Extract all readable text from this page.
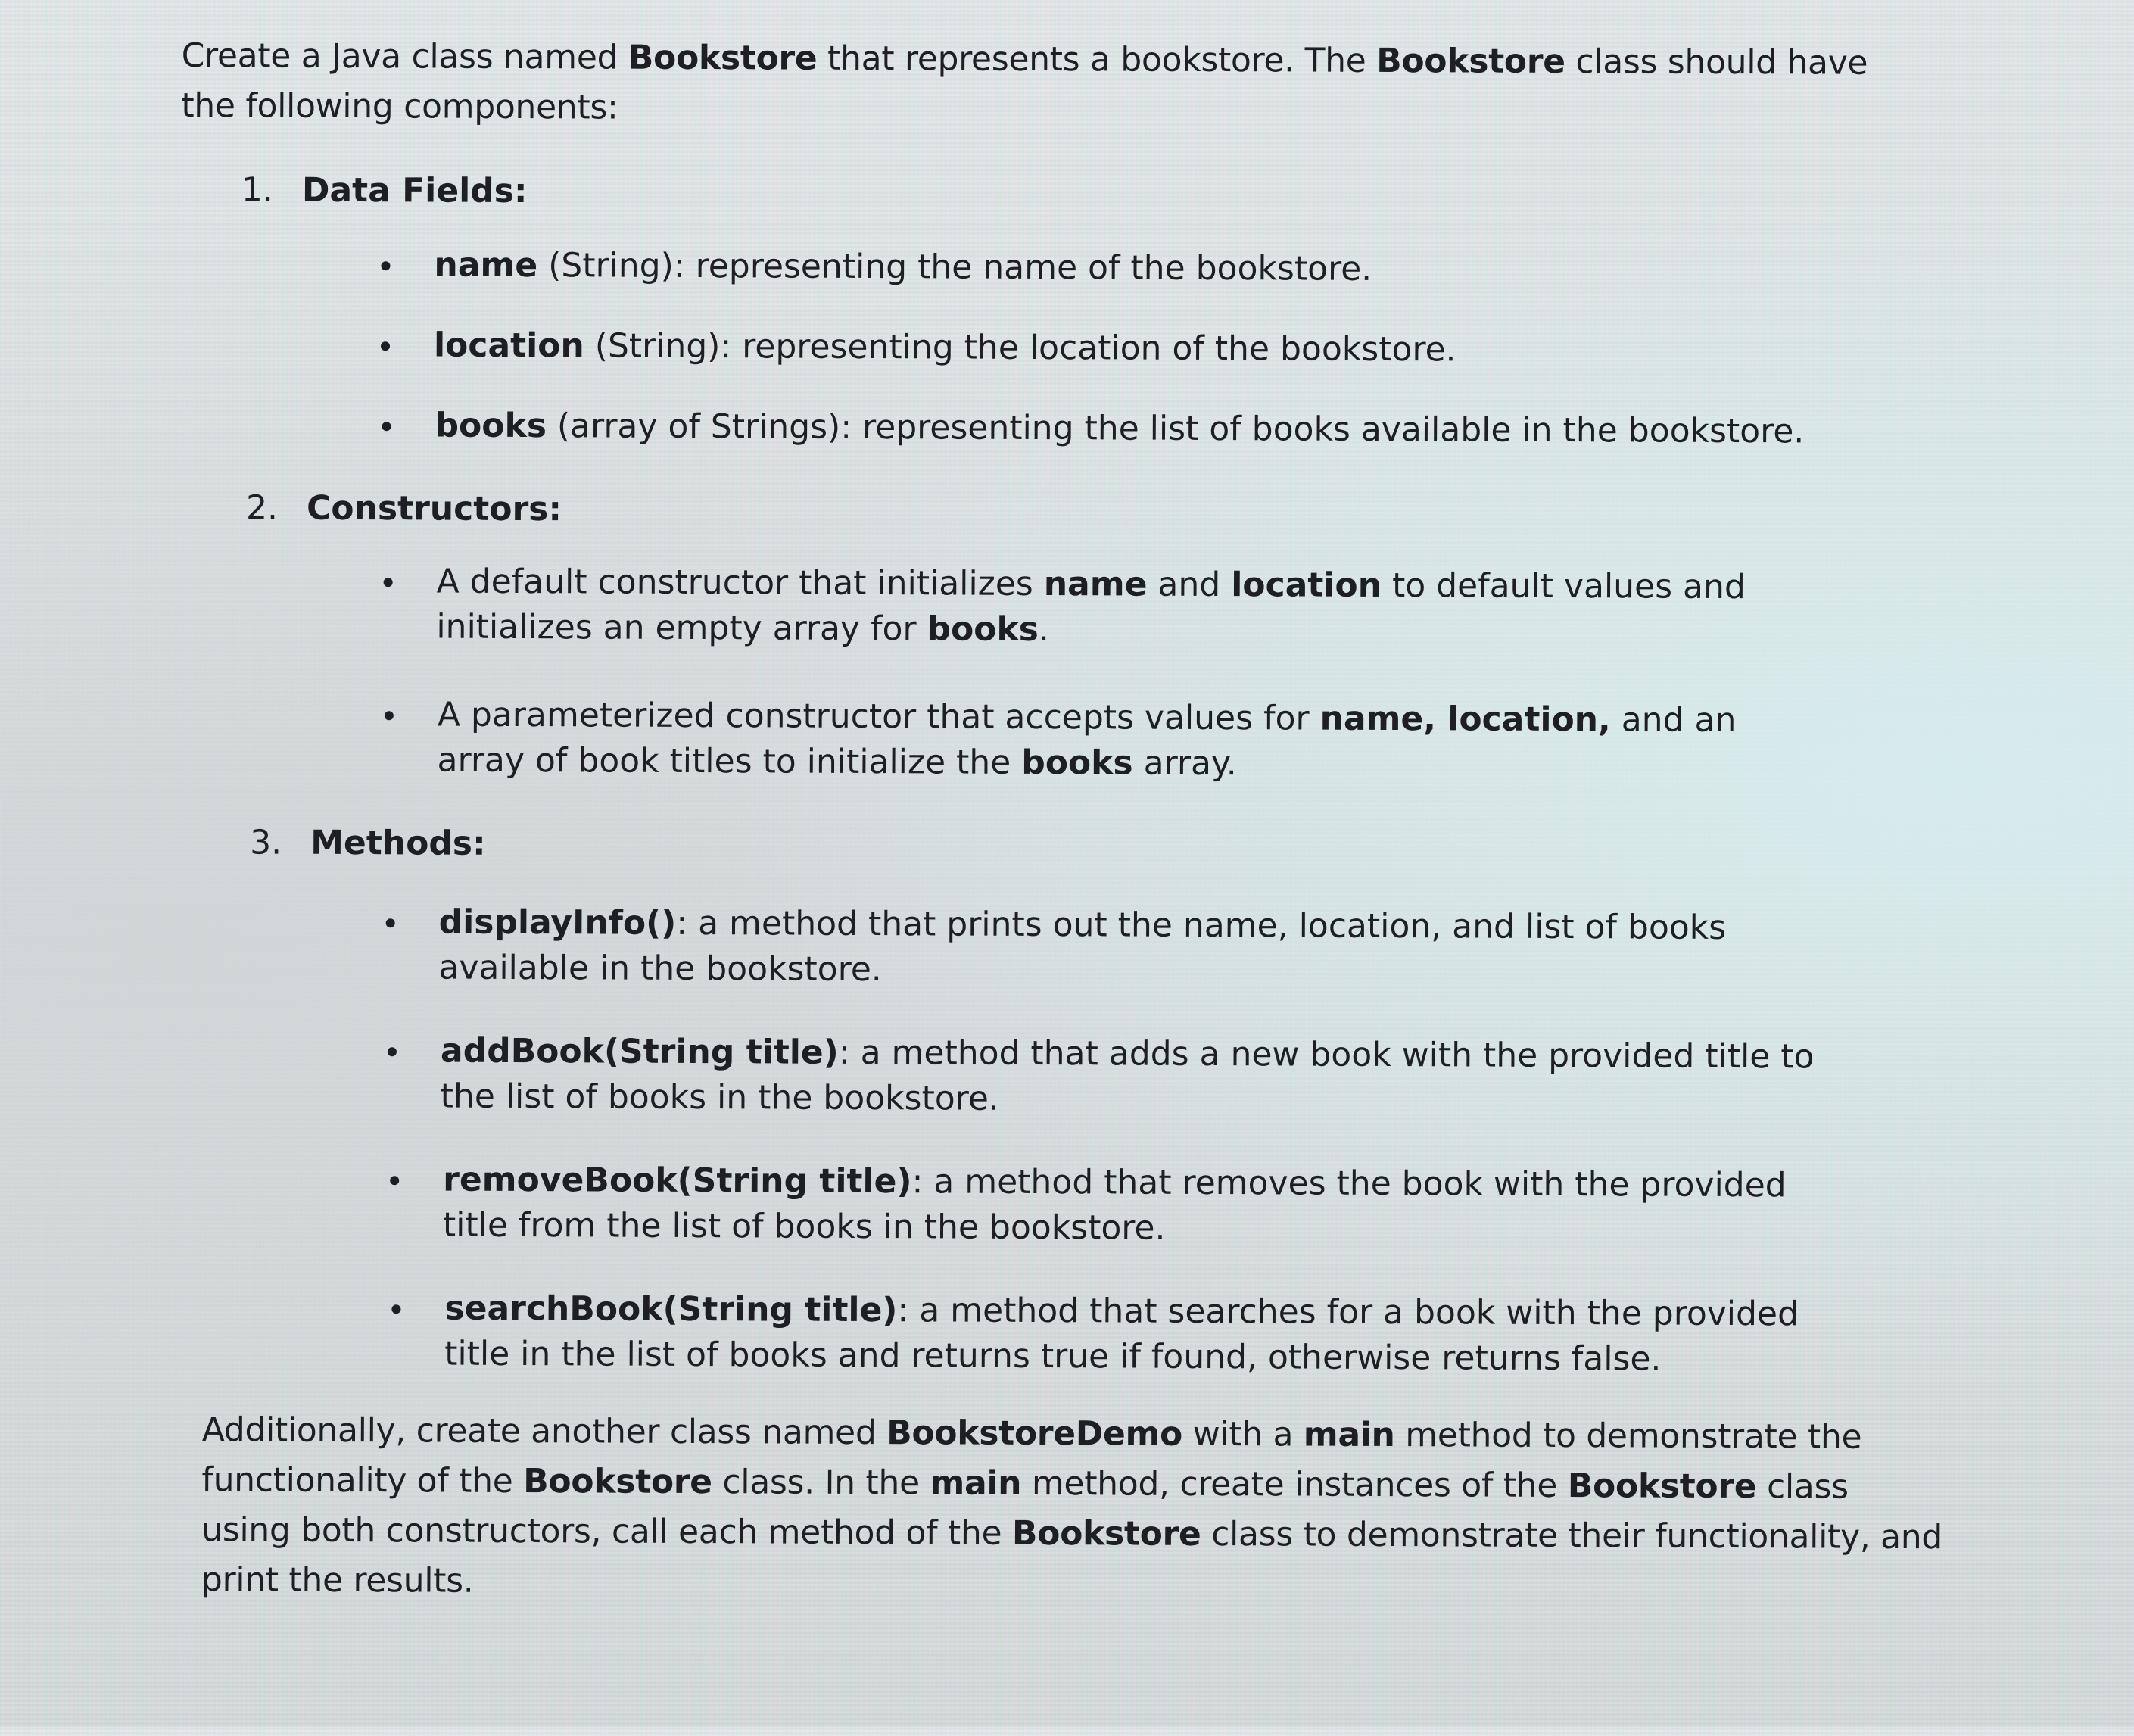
Create a Java class named Bookstore that represents a bookstore. The Bookstore class should have the following components:

1. Data Fields:
name (String): representing the name of the bookstore.
location (String): representing the location of the bookstore.
books (array of Strings): representing the list of books available in the bookstore.
2. Constructors:
A default constructor that initializes name and location to default values and initializes an empty array for books.
A parameterized constructor that accepts values for name, location, and an array of book titles to initialize the books array.
3. Methods:
displayInfo(): a method that prints out the name, location, and list of books available in the bookstore.
addBook(String title): a method that adds a new book with the provided title to the list of books in the bookstore.
removeBook(String title): a method that removes the book with the provided title from the list of books in the bookstore.
searchBook(String title): a method that searches for a book with the provided title in the list of books and returns true if found, otherwise returns false.

Additionally, create another class named BookstoreDemo with a main method to demonstrate the functionality of the Bookstore class. In the main method, create instances of the Bookstore class using both constructors, call each method of the Bookstore class to demonstrate their functionality, and print the results.
